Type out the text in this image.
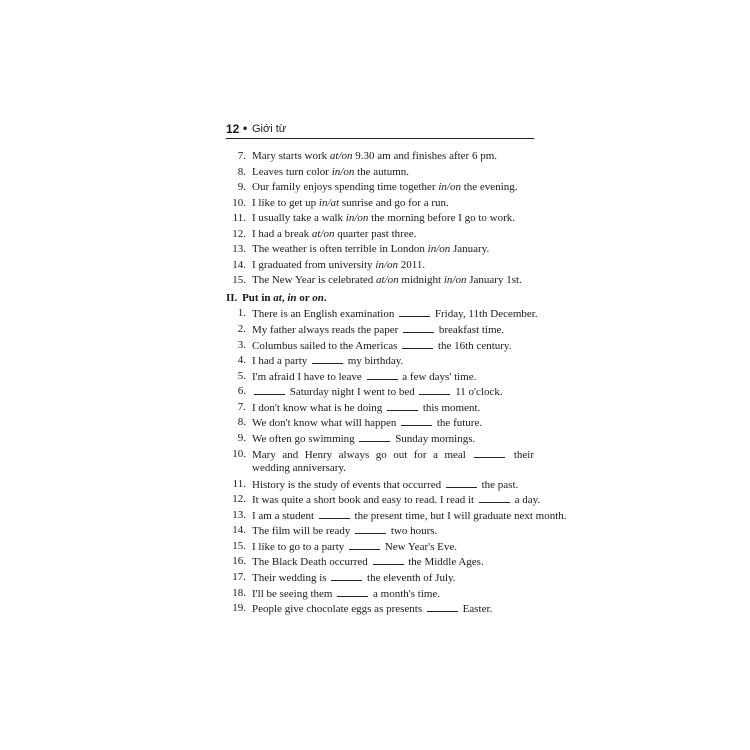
12 • Giới từ
7. Mary starts work at/on 9.30 am and finishes after 6 pm.
8. Leaves turn color in/on the autumn.
9. Our family enjoys spending time together in/on the evening.
10. I like to get up in/at sunrise and go for a run.
11. I usually take a walk in/on the morning before I go to work.
12. I had a break at/on quarter past three.
13. The weather is often terrible in London in/on January.
14. I graduated from university in/on 2011.
15. The New Year is celebrated at/on midnight in/on January 1st.
II. Put in at, in or on.
1. There is an English examination	Friday, 11th December.
2. My father always reads the paper	breakfast time.
3. Columbus sailed to the Americas	the 16th century.
4. I had a party	my birthday.
5. I'm afraid I have to leave	a few days' time.
6.	Saturday night I went to bed	11 o'clock.
7. I don't know what is he doing	this moment.
8. We don't know what will happen	the future.
9. We often go swimming	Sunday mornings.
10. Mary and Henry always go out for a meal	their wedding anniversary.
11. History is the study of events that occurred	the past.
12. It was quite a short book and easy to read. I read it	a day.
13. I am a student	the present time, but I will graduate next month.
14. The film will be ready	two hours.
15. I like to go to a party	New Year's Eve.
16. The Black Death occurred	the Middle Ages.
17. Their wedding is	the eleventh of July.
18. I'll be seeing them	a month's time.
19. People give chocolate eggs as presents	Easter.
